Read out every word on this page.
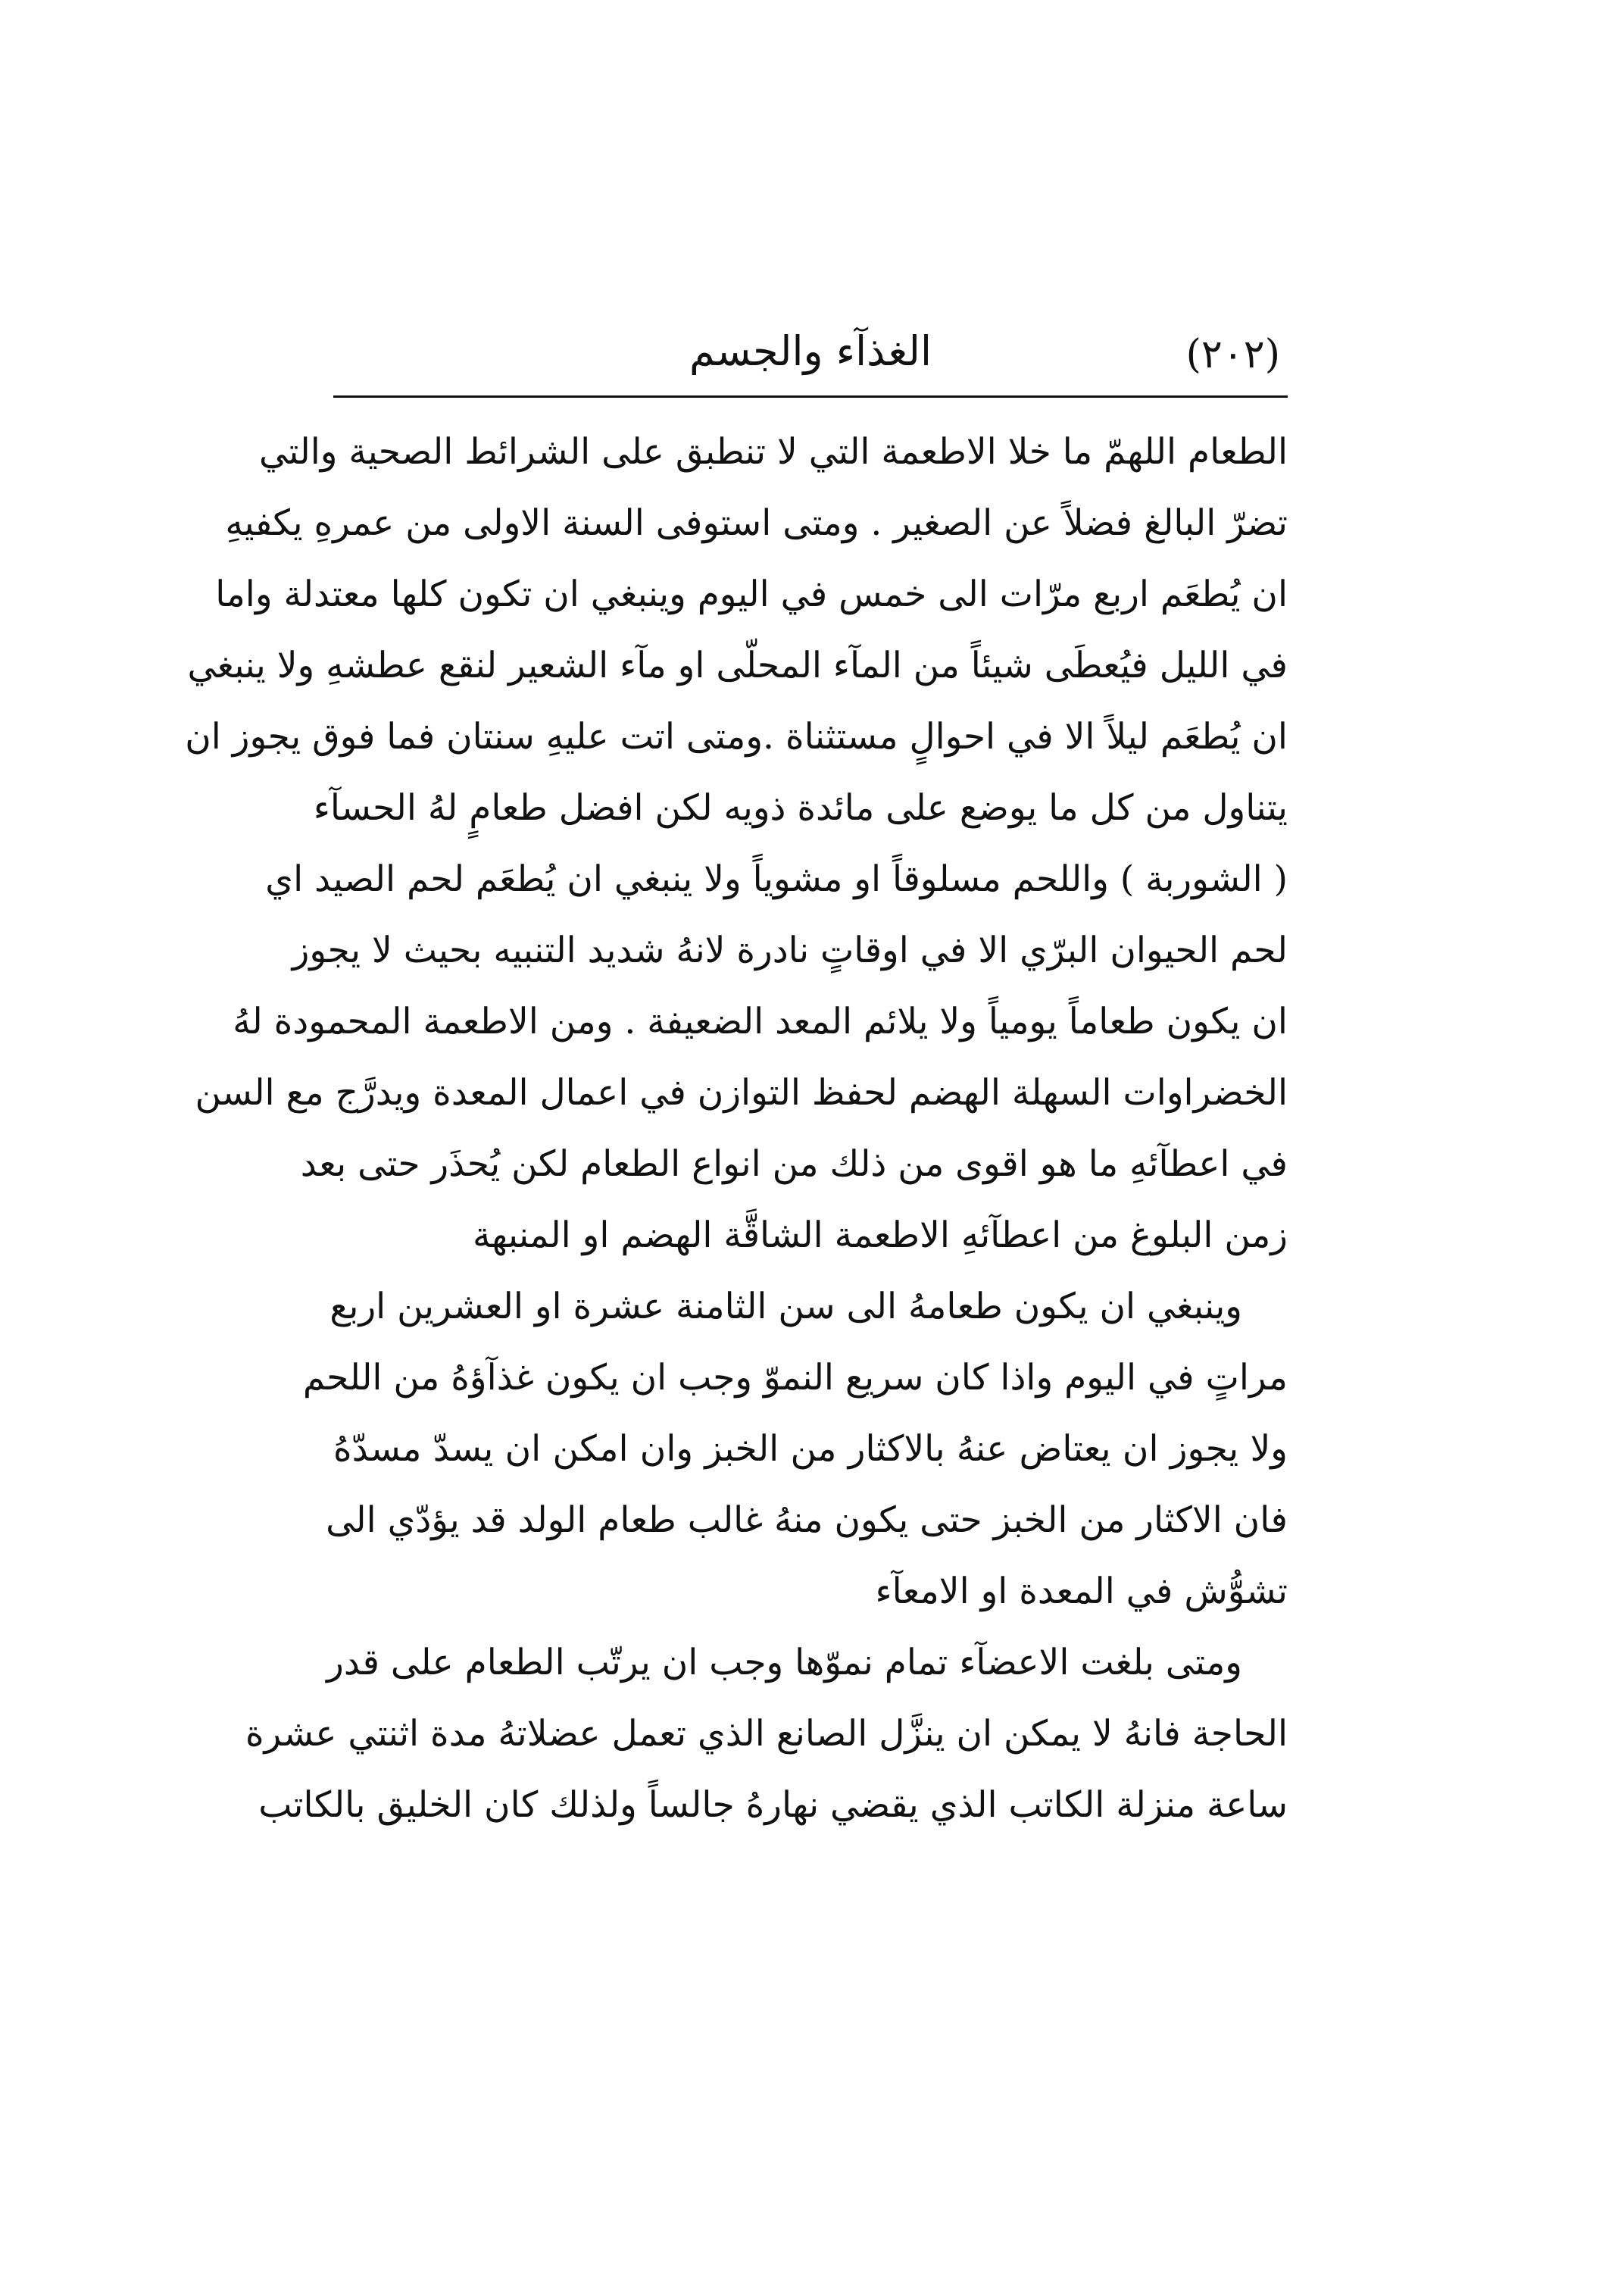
(٢٠٢)
الغذآء والجسم
الطعام اللهمّ ما خلا الاطعمة التي لا تنطبق على الشرائط الصحية والتي
تضرّ البالغ فضلاً عن الصغير . ومتى استوفى السنة الاولى من عمرهِ يكفيهِ
ان يُطعَم اربع مرّات الى خمس في اليوم وينبغي ان تكون كلها معتدلة واما
في الليل فيُعطَى شيئاً من المآء المحلّى او مآء الشعير لنقع عطشهِ ولا ينبغي
ان يُطعَم ليلاً الا في احوالٍ مستثناة .ومتى اتت عليهِ سنتان فما فوق يجوز ان
يتناول من كل ما يوضع على مائدة ذويه لكن افضل طعامٍ لهُ الحسآء
( الشوربة ) واللحم مسلوقاً او مشوياً ولا ينبغي ان يُطعَم لحم الصيد اي
لحم الحيوان البرّي الا في اوقاتٍ نادرة لانهُ شديد التنبيه بحيث لا يجوز
ان يكون طعاماً يومياً ولا يلائم المعد الضعيفة . ومن الاطعمة المحمودة لهُ
الخضراوات السهلة الهضم لحفظ التوازن في اعمال المعدة ويدرَّج مع السن
في اعطآئهِ ما هو اقوى من ذلك من انواع الطعام لكن يُحذَر حتى بعد
زمن البلوغ من اعطآئهِ الاطعمة الشاقَّة الهضم او المنبهة
وينبغي ان يكون طعامهُ الى سن الثامنة عشرة او العشرين اربع
مراتٍ في اليوم واذا كان سريع النموّ وجب ان يكون غذآؤهُ من اللحم
ولا يجوز ان يعتاض عنهُ بالاكثار من الخبز وان امكن ان يسدّ مسدّهُ
فان الاكثار من الخبز حتى يكون منهُ غالب طعام الولد قد يؤدّي الى
تشوُّش في المعدة او الامعآء
ومتى بلغت الاعضآء تمام نموّها وجب ان يرتّب الطعام على قدر
الحاجة فانهُ لا يمكن ان ينزَّل الصانع الذي تعمل عضلاتهُ مدة اثنتي عشرة
ساعة منزلة الكاتب الذي يقضي نهارهُ جالساً ولذلك كان الخليق بالكاتب
